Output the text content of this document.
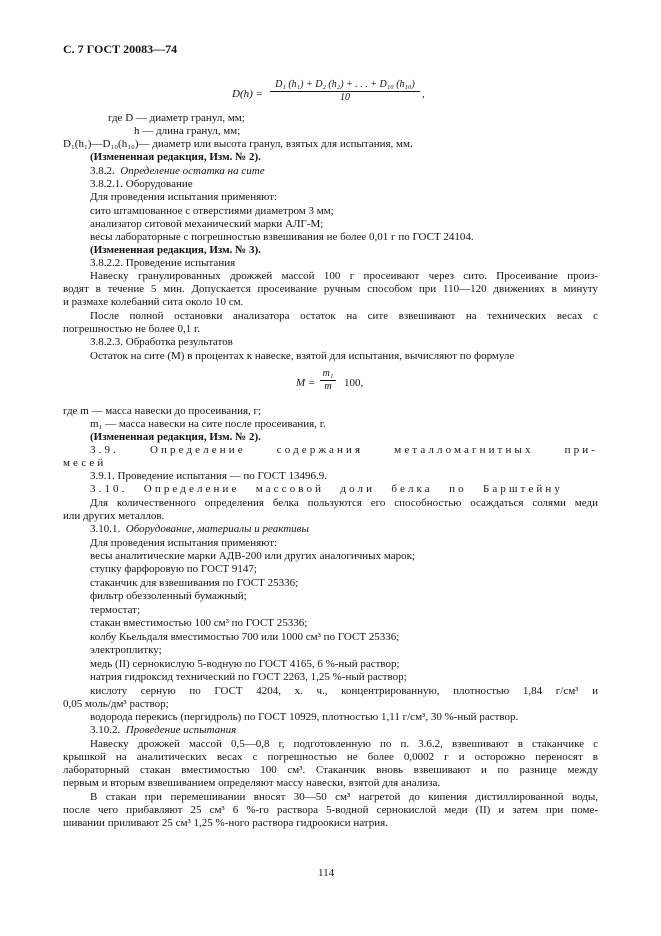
С. 7 ГОСТ 20083—74
D(h) =
D₁ (h₁) + D₂ (h₂) + . . . + D₁₀ (h₁₀)
10	,
где D — диаметр гранул, мм;
h — длина гранул, мм;
D₁(h₁)—D₁₀(h₁₀)— диаметр или высота гранул, взятых для испытания, мм.
(Измененная редакция, Изм. № 2).
3.8.2. Определение остатка на сите
3.8.2.1. Оборудование
Для проведения испытания применяют:
сито штампованное с отверстиями диаметром 3 мм;
анализатор ситовой механический марки АЛГ-М;
весы лабораторные с погрешностью взвешивания не более 0,01 г по ГОСТ 24104.
(Измененная редакция, Изм. № 3).
3.8.2.2. Проведение испытания
Навеску гранулированных дрожжей массой 100 г просеивают через сито. Просеивание произ-
водят в течение 5 мин. Допускается просеивание ручным способом при 110—120 движениях в минуту
и размахе колебаний сита около 10 см.
После полной остановки анализатора остаток на сите взвешивают на технических весах с
погрешностью не более 0,1 г.
3.8.2.3. Обработка результатов
Остаток на сите (М) в процентах к навеске, взятой для испытания, вычисляют по формуле
M =
m₁
m	100,
где m — масса навески до просеивания, г;
m₁ — масса навески на сите после просеивания, г.
(Измененная редакция, Изм. № 2).
3.9. Определение содержания металломагнитных при-
месей
3.9.1. Проведение испытания — по ГОСТ 13496.9.
3.10. Определение массовой доли белка по Барштейну
Для количественного определения белка пользуются его способностью осаждаться солями меди
или других металлов.
3.10.1. Оборудование, материалы и реактивы
Для проведения испытания применяют:
весы аналитические марки АДВ-200 или других аналогичных марок;
ступку фарфоровую по ГОСТ 9147;
стаканчик для взвешивания по ГОСТ 25336;
фильтр обеззоленный бумажный;
термостат;
стакан вместимостью 100 см³ по ГОСТ 25336;
колбу Кьельдаля вместимостью 700 или 1000 см³ по ГОСТ 25336;
электроплитку;
медь (II) сернокислую 5-водную по ГОСТ 4165, 6 %-ный раствор;
натрия гидроксид технический по ГОСТ 2263, 1,25 %-ный раствор;
кислоту серную по ГОСТ 4204, х. ч., концентрированную, плотностью 1,84 г/см³ и
0,05 моль/дм³ раствор;
водорода перекись (пергидроль) по ГОСТ 10929, плотностью 1,11 г/см³, 30 %-ный раствор.
3.10.2. Проведение испытания
Навеску дрожжей массой 0,5—0,8 г, подготовленную по п. 3.6.2, взвешивают в стаканчике с
крышкой на аналитических весах с погрешностью не более 0,0002 г и осторожно переносят в
лабораторный стакан вместимостью 100 см³. Стаканчик вновь взвешивают и по разнице между
первым и вторым взвешиванием определяют массу навески, взятой для анализа.
В стакан при перемешивании вносят 30—50 см³ нагретой до кипения дистиллированной воды,
после чего прибавляют 25 см³ 6 %-го раствора 5-водной сернокислой меди (II) и затем при поме-
шивании приливают 25 см³ 1,25 %-ного раствора гидроокиси натрия.
114
